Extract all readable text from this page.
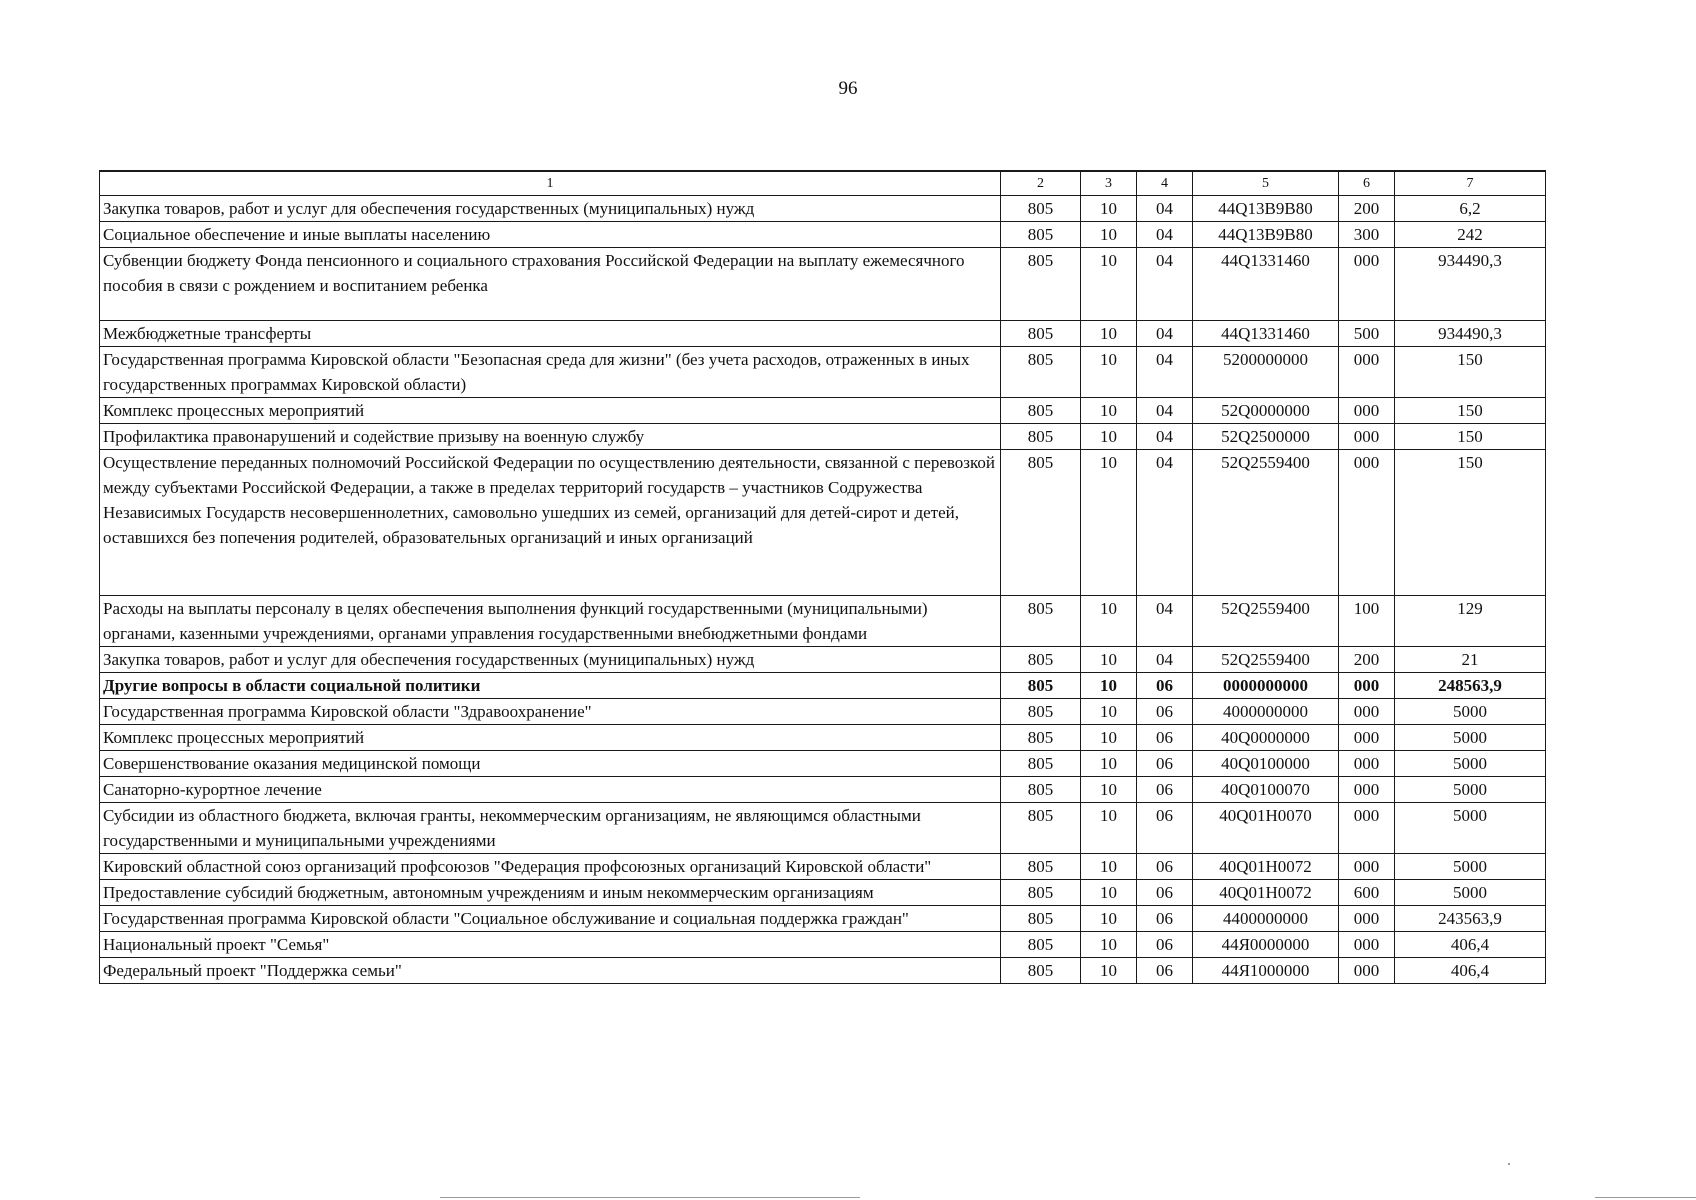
96
1	2	3	4	5	6	7
Закупка товаров, работ и услуг для обеспечения государственных (муниципальных) нужд	805	10	04	44Q13B9B80	200	6,2
Социальное обеспечение и иные выплаты населению	805	10	04	44Q13B9B80	300	242
Субвенции бюджету Фонда пенсионного и социального страхования Российской Федерации на выплату ежемесячного пособия в связи с рождением и воспитанием ребенка	805	10	04	44Q1331460	000	934490,3
Межбюджетные трансферты	805	10	04	44Q1331460	500	934490,3
Государственная программа Кировской области "Безопасная среда для жизни" (без учета расходов, отраженных в иных государственных программах Кировской области)	805	10	04	5200000000	000	150
Комплекс процессных мероприятий	805	10	04	52Q0000000	000	150
Профилактика правонарушений и содействие призыву на военную службу	805	10	04	52Q2500000	000	150
Осуществление переданных полномочий Российской Федерации по осуществлению деятельности, связанной с перевозкой между субъектами Российской Федерации, а также в пределах территорий государств – участников Содружества Независимых Государств несовершеннолетних, самовольно ушедших из семей, организаций для детей-сирот и детей, оставшихся без попечения родителей, образовательных организаций и иных организаций	805	10	04	52Q2559400	000	150
Расходы на выплаты персоналу в целях обеспечения выполнения функций государственными (муниципальными) органами, казенными учреждениями, органами управления государственными внебюджетными фондами	805	10	04	52Q2559400	100	129
Закупка товаров, работ и услуг для обеспечения государственных (муниципальных) нужд	805	10	04	52Q2559400	200	21
Другие вопросы в области социальной политики	805	10	06	0000000000	000	248563,9
Государственная программа Кировской области "Здравоохранение"	805	10	06	4000000000	000	5000
Комплекс процессных мероприятий	805	10	06	40Q0000000	000	5000
Совершенствование оказания медицинской помощи	805	10	06	40Q0100000	000	5000
Санаторно-курортное лечение	805	10	06	40Q0100070	000	5000
Субсидии из областного бюджета, включая гранты, некоммерческим организациям, не являющимся областными государственными и муниципальными учреждениями	805	10	06	40Q01H0070	000	5000
Кировский областной союз организаций профсоюзов "Федерация профсоюзных организаций Кировской области"	805	10	06	40Q01H0072	000	5000
Предоставление субсидий бюджетным, автономным учреждениям и иным некоммерческим организациям	805	10	06	40Q01H0072	600	5000
Государственная программа Кировской области "Социальное обслуживание и социальная поддержка граждан"	805	10	06	4400000000	000	243563,9
Национальный проект "Семья"	805	10	06	44Я0000000	000	406,4
Федеральный проект "Поддержка семьи"	805	10	06	44Я1000000	000	406,4
